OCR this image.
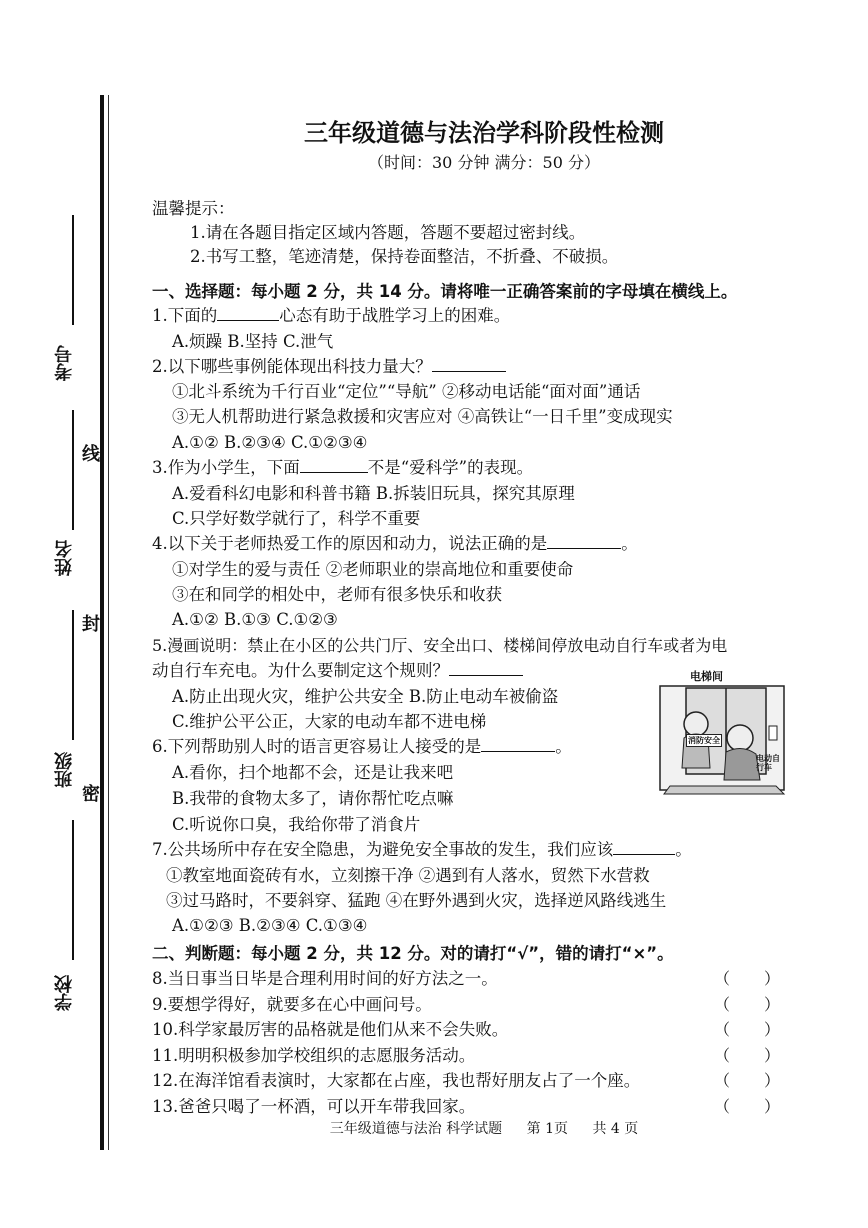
考号
姓名
班级
学校
线
封
密
三年级道德与法治学科阶段性检测
（时间：30 分钟 满分：50 分）
温馨提示：
1.请在各题目指定区域内答题，答题不要超过密封线。
2.书写工整，笔迹清楚，保持卷面整洁，不折叠、不破损。
一、选择题：每小题 2 分，共 14 分。请将唯一正确答案前的字母填在横线上。
1.下面的	心态有助于战胜学习上的困难。
A.烦躁 B.坚持 C.泄气
2.以下哪些事例能体现出科技力量大？
①北斗系统为千行百业“定位”“导航” ②移动电话能“面对面”通话
③无人机帮助进行紧急救援和灾害应对 ④高铁让“一日千里”变成现实
A.①② B.②③④ C.①②③④
3.作为小学生，下面	不是“爱科学”的表现。
A.爱看科幻电影和科普书籍 B.拆装旧玩具，探究其原理
C.只学好数学就行了，科学不重要
4.以下关于老师热爱工作的原因和动力，说法正确的是	。
①对学生的爱与责任 ②老师职业的崇高地位和重要使命
③在和同学的相处中，老师有很多快乐和收获
A.①② B.①③ C.①②③
5.漫画说明：禁止在小区的公共门厅、安全出口、楼梯间停放电动自行车或者为电
动自行车充电。为什么要制定这个规则？
A.防止出现火灾，维护公共安全 B.防止电动车被偷盗
C.维护公平公正，大家的电动车都不进电梯
电梯间
消防安全
电动自行车
6.下列帮助别人时的语言更容易让人接受的是	。
A.看你，扫个地都不会，还是让我来吧
B.我带的食物太多了，请你帮忙吃点嘛
C.听说你口臭，我给你带了消食片
7.公共场所中存在安全隐患，为避免安全事故的发生，我们应该	。
①教室地面瓷砖有水，立刻擦干净 ②遇到有人落水，贸然下水营救
③过马路时，不要斜穿、猛跑 ④在野外遇到火灾，选择逆风路线逃生
A.①②③ B.②③④ C.①③④
二、判断题：每小题 2 分，共 12 分。对的请打“√”，错的请打“×”。
8.当日事当日毕是合理利用时间的好方法之一。	（ ）
9.要想学得好，就要多在心中画问号。	（ ）
10.科学家最厉害的品格就是他们从来不会失败。	（ ）
11.明明积极参加学校组织的志愿服务活动。	（ ）
12.在海洋馆看表演时，大家都在占座，我也帮好朋友占了一个座。	（ ）
13.爸爸只喝了一杯酒，可以开车带我回家。	（ ）
三年级道德与法治 科学试题 第 1页 共 4 页
